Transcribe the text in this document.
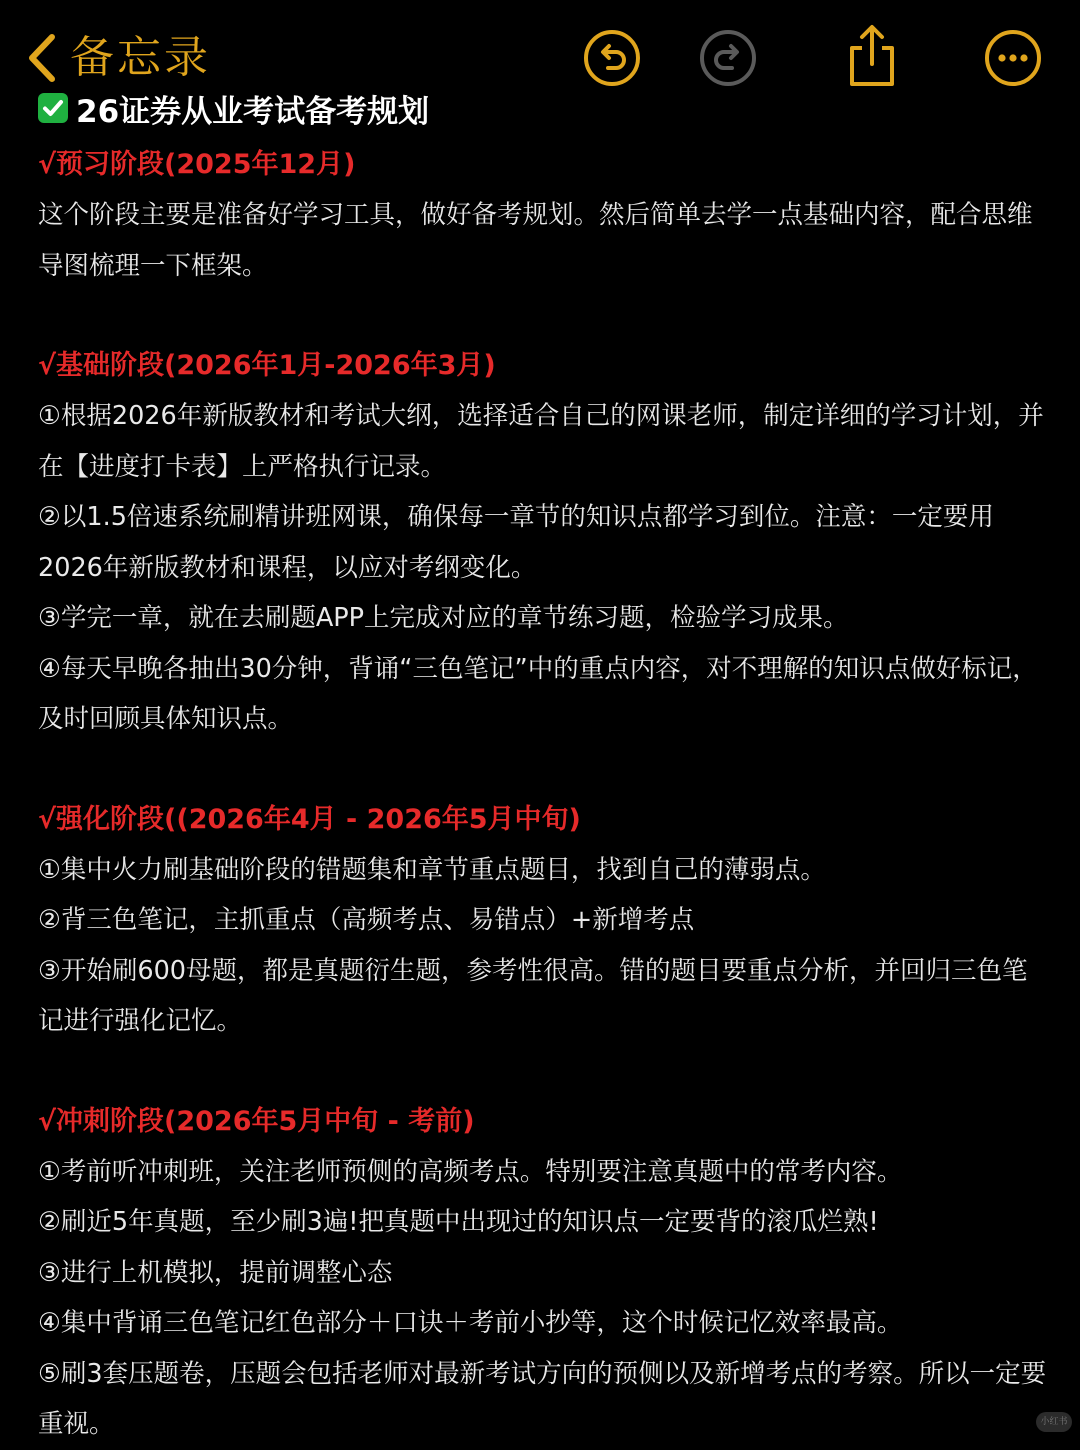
备忘录
26证券从业考试备考规划
√预习阶段(2025年12月)

这个阶段主要是准备好学习工具，做好备考规划。然后简单去学一点基础内容，配合思维导图梳理一下框架。

√基础阶段(2026年1月-2026年3月)

①根据2026年新版教材和考试大纲，选择适合自己的网课老师，制定详细的学习计划，并在【进度打卡表】上严格执行记录。

②以1.5倍速系统刷精讲班网课，确保每一章节的知识点都学习到位。注意：一定要用2026年新版教材和课程，以应对考纲变化。

③学完一章，就在去刷题APP上完成对应的章节练习题，检验学习成果。

④每天早晚各抽出30分钟，背诵“三色笔记”中的重点内容，对不理解的知识点做好标记，及时回顾具体知识点。

√强化阶段((2026年4月 - 2026年5月中旬)

①集中火力刷基础阶段的错题集和章节重点题目，找到自己的薄弱点。

②背三色笔记，主抓重点（高频考点、易错点）+新增考点

③开始刷600母题，都是真题衍生题，参考性很高。错的题目要重点分析，并回归三色笔记进行强化记忆。

√冲刺阶段(2026年5月中旬 - 考前)

①考前听冲刺班，关注老师预侧的高频考点。特别要注意真题中的常考内容。

②刷近5年真题，至少刷3遍!把真题中出现过的知识点一定要背的滚瓜烂熟!

③进行上机模拟，提前调整心态

④集中背诵三色笔记红色部分＋口诀＋考前小抄等，这个时候记忆效率最高。

⑤刷3套压题卷，压题会包括老师对最新考试方向的预侧以及新增考点的考察。所以一定要重视。	小红书
